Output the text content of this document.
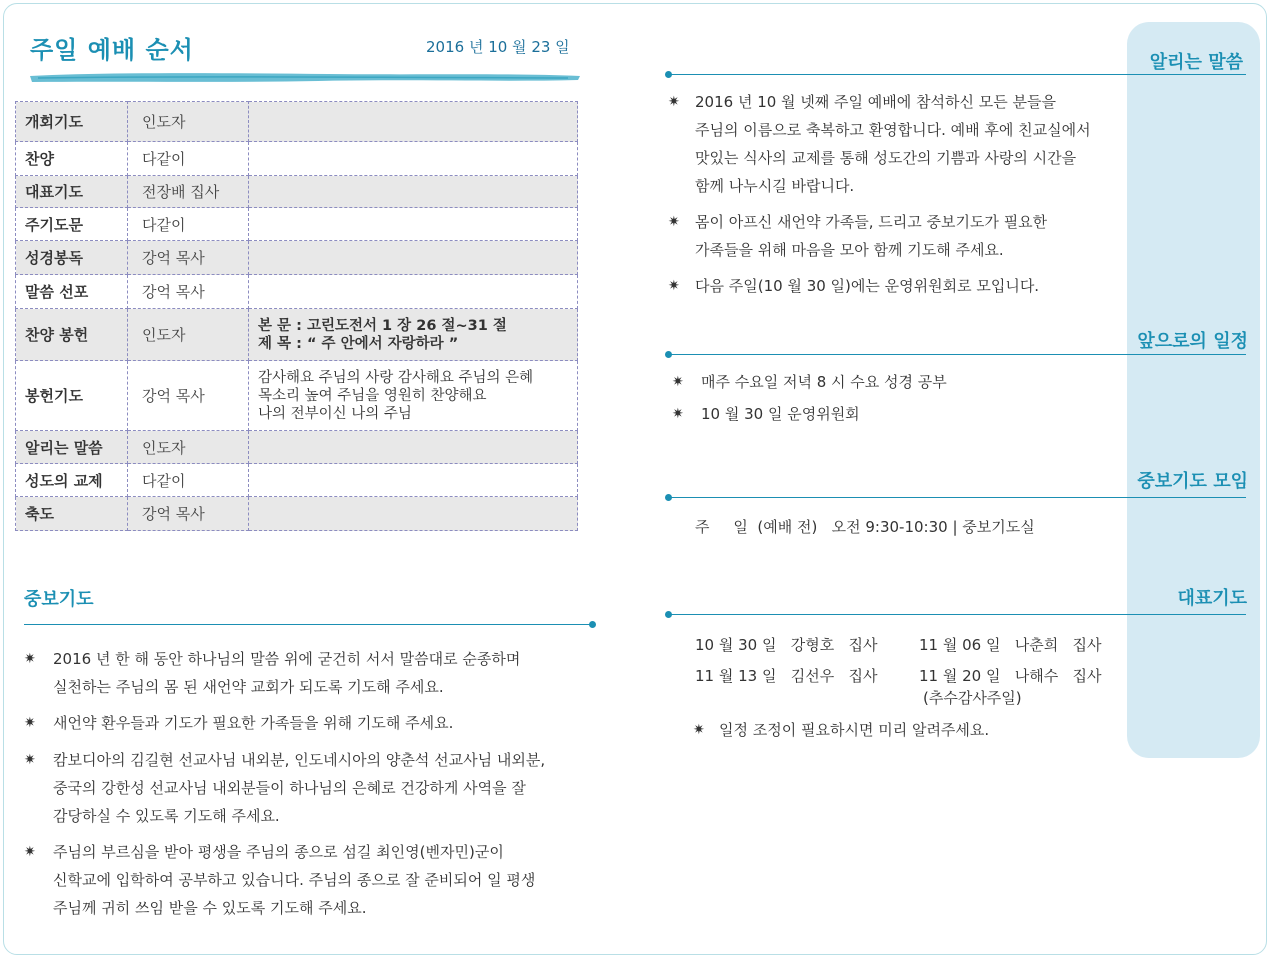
주일 예배 순서	2016 년 10 월 23 일
개회기도	인도자	
찬양	다같이	
대표기도	전장배 집사	
주기도문	다같이	
성경봉독	강억 목사	
말씀 선포	강억 목사	
찬양 봉헌	인도자	본 문 : 고린도전서 1 장 26 절~31 절
제 목 : “ 주 안에서 자랑하라 ”

봉헌기도	강억 목사	감사해요 주님의 사랑 감사해요 주님의 은혜
목소리 높여 주님을 영원히 찬양해요
나의 전부이신 나의 주님

알리는 말씀	인도자	
성도의 교제	다같이	
축도	강억 목사	
중보기도
✷ 2016 년 한 해 동안 하나님의 말씀 위에 굳건히 서서 말씀대로 순종하며
실천하는 주님의 몸 된 새언약 교회가 되도록 기도해 주세요.
✷ 새언약 환우들과 기도가 필요한 가족들을 위해 기도해 주세요.
✷ 캄보디아의 김길현 선교사님 내외분, 인도네시아의 양춘석 선교사님 내외분,
중국의 강한성 선교사님 내외분들이 하나님의 은혜로 건강하게 사역을 잘
감당하실 수 있도록 기도해 주세요.
✷ 주님의 부르심을 받아 평생을 주님의 종으로 섬길 최인영(벤자민)군이
신학교에 입학하여 공부하고 있습니다. 주님의 종으로 잘 준비되어 일 평생
주님께 귀히 쓰임 받을 수 있도록 기도해 주세요.
알리는 말씀
✷ 2016 년 10 월 넷째 주일 예배에 참석하신 모든 분들을
주님의 이름으로 축복하고 환영합니다. 예배 후에 친교실에서
맛있는 식사의 교제를 통해 성도간의 기쁨과 사랑의 시간을
함께 나누시길 바랍니다.
✷ 몸이 아프신 새언약 가족들, 드리고 중보기도가 필요한
가족들을 위해 마음을 모아 함께 기도해 주세요.
✷ 다음 주일(10 월 30 일)에는 운영위원회로 모입니다.
앞으로의 일정
✷ 매주 수요일 저녁 8 시 수요 성경 공부
✷ 10 월 30 일 운영위원회
중보기도 모임
주     일  (예배 전)   오전 9:30-10:30 | 중보기도실
대표기도
10 월 30 일   강형호   집사	11 월 06 일   나춘희   집사
11 월 13 일   김선우   집사	11 월 20 일   나해수   집사
(추수감사주일)
✷ 일정 조정이 필요하시면 미리 알려주세요.
